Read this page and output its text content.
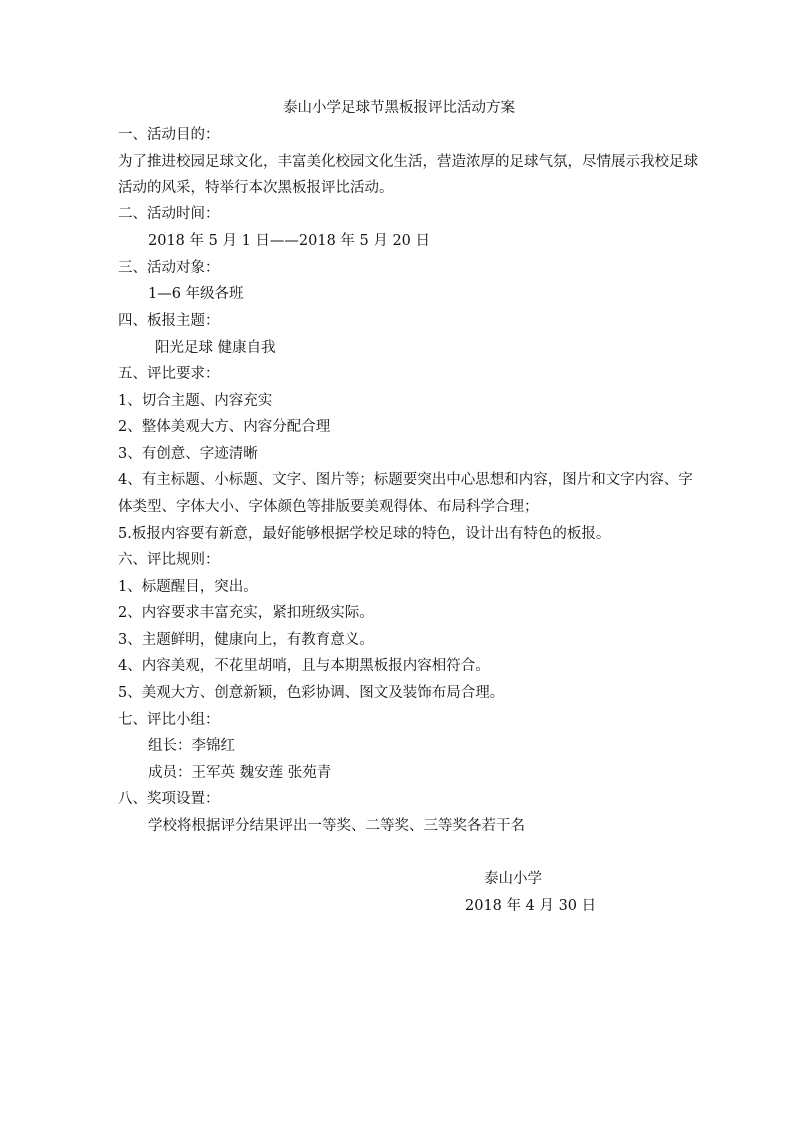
泰山小学足球节黑板报评比活动方案
一、活动目的：
为了推进校园足球文化，丰富美化校园文化生活，营造浓厚的足球气氛，尽情展示我校足球
活动的风采，特举行本次黑板报评比活动。
二、活动时间：
2018 年 5 月 1 日——2018 年 5 月 20 日
三、活动对象：
1—6 年级各班
四、板报主题：
阳光足球 健康自我
五、评比要求：
1、切合主题、内容充实
2、整体美观大方、内容分配合理
3、有创意、字迹清晰
4、有主标题、小标题、文字、图片等；标题要突出中心思想和内容，图片和文字内容、字
体类型、字体大小、字体颜色等排版要美观得体、布局科学合理；
5.板报内容要有新意，最好能够根据学校足球的特色，设计出有特色的板报。
六、评比规则：
1、标题醒目，突出。
2、内容要求丰富充实，紧扣班级实际。
3、主题鲜明，健康向上，有教育意义。
4、内容美观，不花里胡哨，且与本期黑板报内容相符合。
5、美观大方、创意新颖，色彩协调、图文及装饰布局合理。
七、评比小组：
组长：李锦红
成员：王军英 魏安莲 张苑青
八、奖项设置：
学校将根据评分结果评出一等奖、二等奖、三等奖各若干名
泰山小学
2018 年 4 月 30 日
